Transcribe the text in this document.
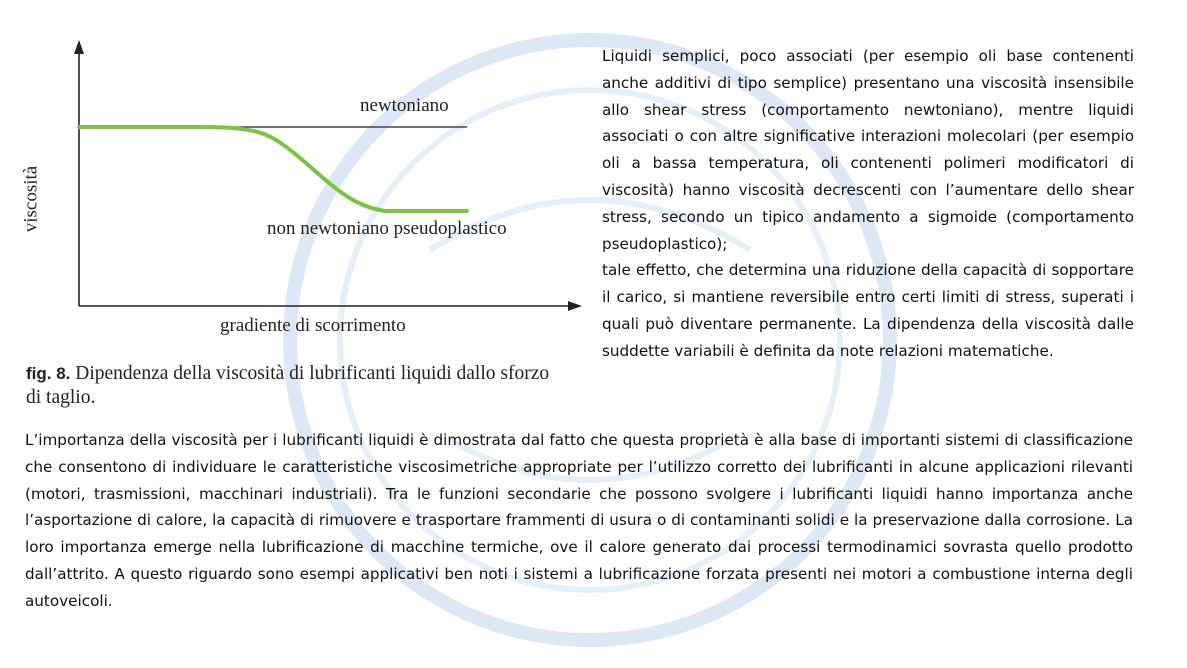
viscosità
gradiente di scorrimento
newtoniano
non newtoniano pseudoplastico
fig. 8. Dipendenza della viscosità di lubrificanti liquidi dallo sforzo di taglio.

Liquidi semplici, poco associati (per esempio oli base contenenti anche additivi di tipo semplice) presentano una viscosità insensibile allo shear stress (comportamento newtoniano), mentre liquidi associati o con altre significative interazioni molecolari (per esempio oli a bassa temperatura, oli contenenti polimeri modificatori di viscosità) hanno viscosità decrescenti con l’aumentare dello shear stress, secondo un tipico andamento a sigmoide (comportamento pseudoplastico);

tale effetto, che determina una riduzione della capacità di sopportare il carico, si mantiene reversibile entro certi limiti di stress, superati i quali può diventare permanente. La dipendenza della viscosità dalle suddette variabili è definita da note relazioni matematiche.

L’importanza della viscosità per i lubrificanti liquidi è dimostrata dal fatto che questa proprietà è alla base di importanti sistemi di classificazione che consentono di individuare le caratteristiche viscosimetriche appropriate per l’utilizzo corretto dei lubrificanti in alcune applicazioni rilevanti (motori, trasmissioni, macchinari industriali). Tra le funzioni secondarie che possono svolgere i lubrificanti liquidi hanno importanza anche l’asportazione di calore, la capacità di rimuovere e trasportare frammenti di usura o di contaminanti solidi e la preservazione dalla corrosione. La loro importanza emerge nella lubrificazione di macchine termiche, ove il calore generato dai processi termodinamici sovrasta quello prodotto dall’attrito. A questo riguardo sono esempi applicativi ben noti i sistemi a lubrificazione forzata presenti nei motori a combustione interna degli autoveicoli.
